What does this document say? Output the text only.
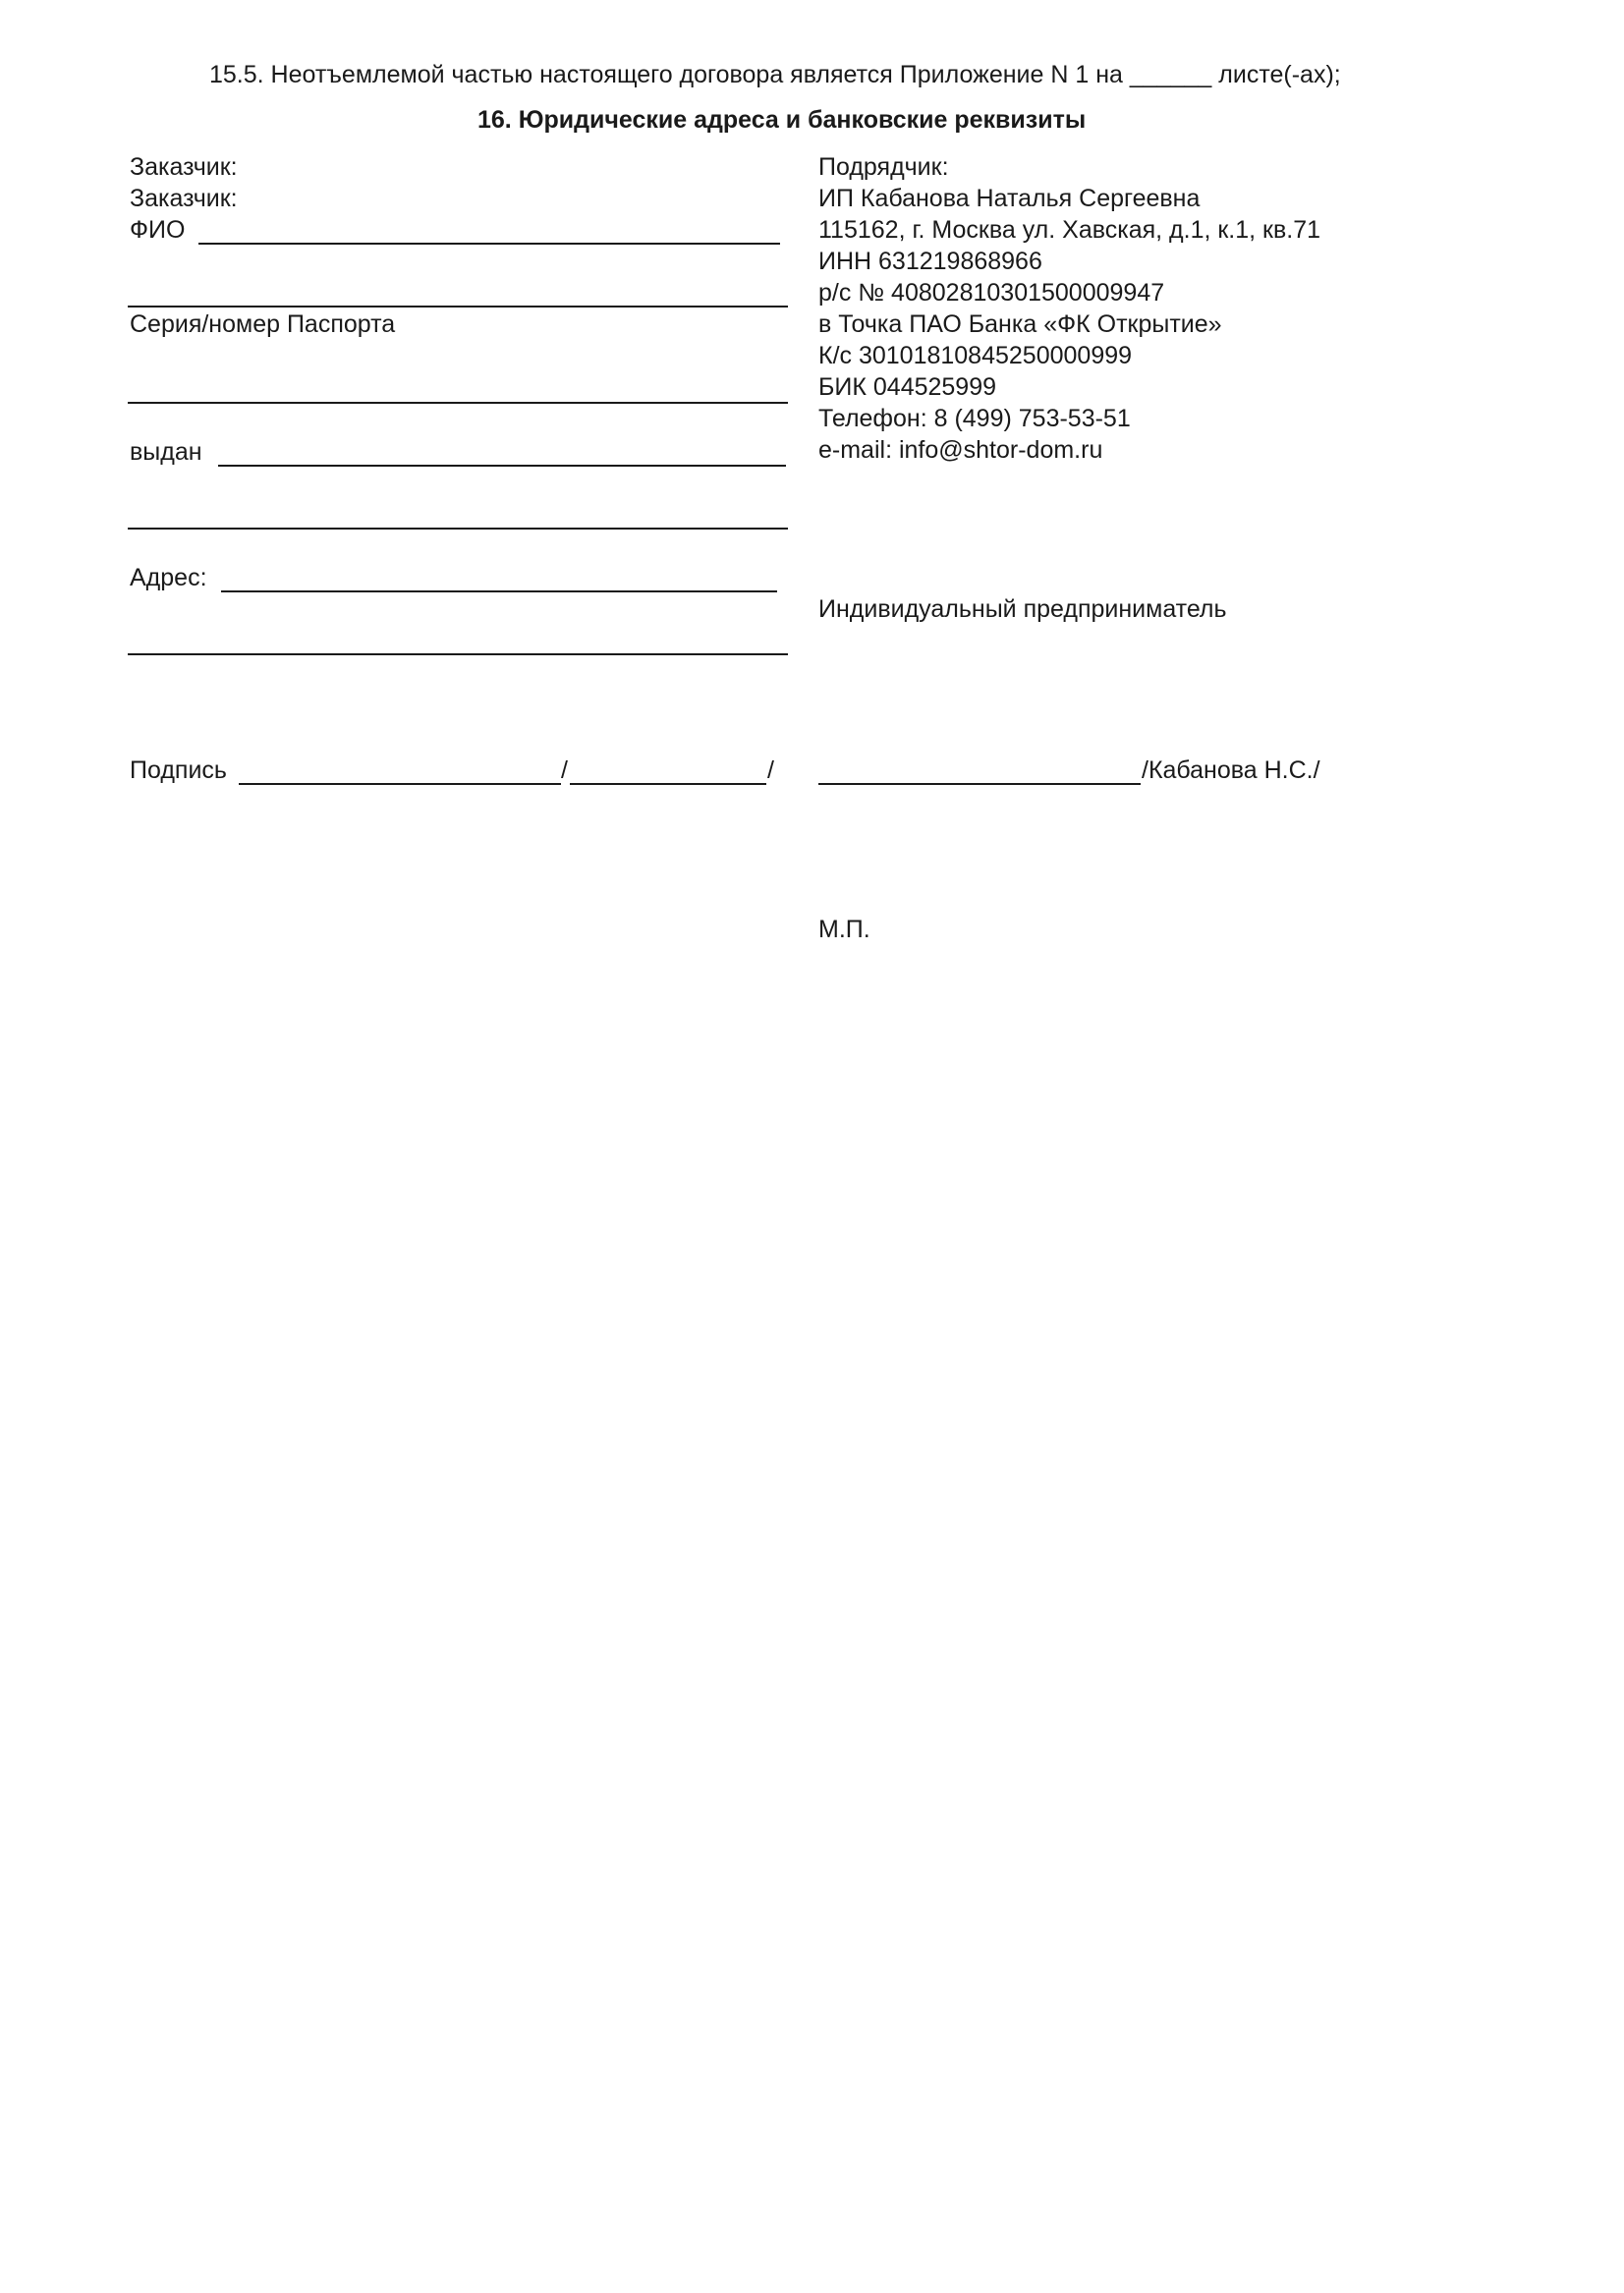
15.5. Неотъемлемой частью настоящего договора является Приложение N 1 на ______ листе(-ах);
16. Юридические адреса и банковские реквизиты
Заказчик:
Заказчик:
ФИО
Серия/номер Паспорта
выдан
Адрес:
Подпись	/	/
Подрядчик:
ИП Кабанова Наталья Сергеевна
115162, г. Москва ул. Хавская, д.1, к.1, кв.71
ИНН 631219868966
р/с № 40802810301500009947
в Точка ПАО Банка «ФК Открытие»
К/с 30101810845250000999
БИК 044525999
Телефон: 8 (499) 753-53-51
e-mail: info@shtor-dom.ru
Индивидуальный предприниматель
/Кабанова Н.С./
М.П.
